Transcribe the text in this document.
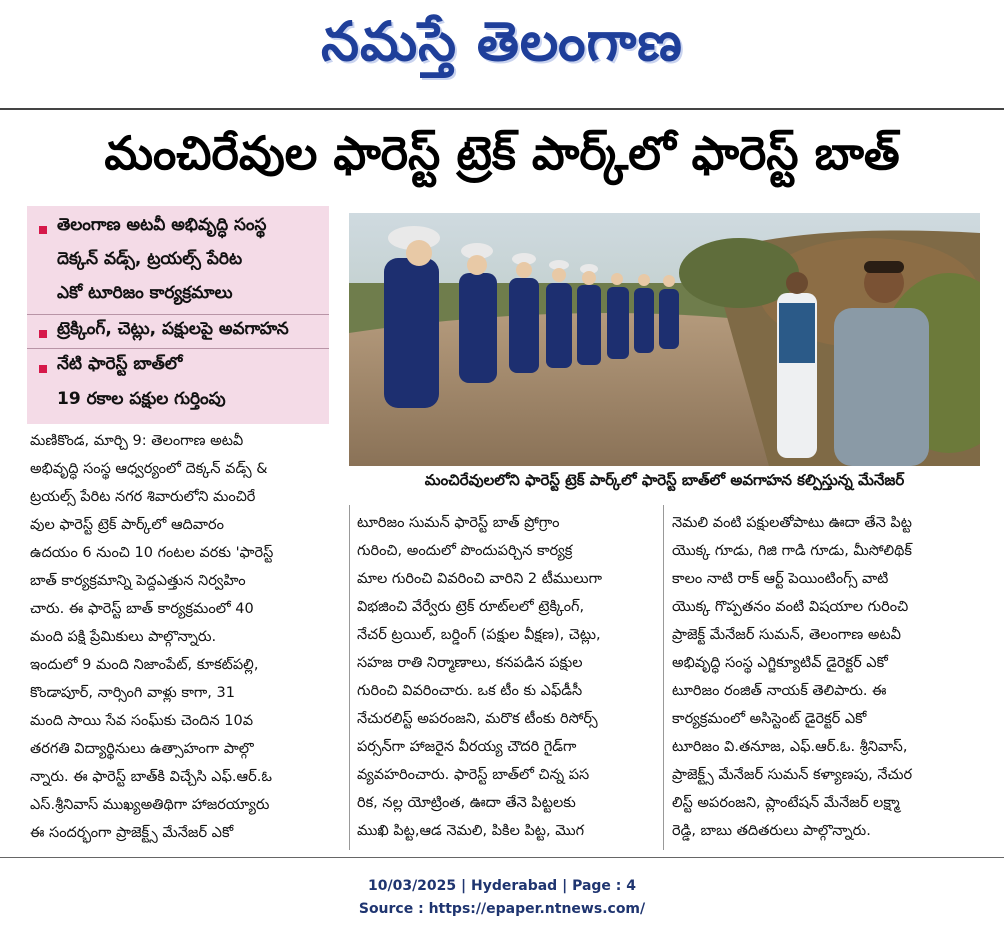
నమస్తే తెలంగాణ
మంచిరేవుల ఫారెస్ట్ ట్రెక్ పార్క్‌లో ఫారెస్ట్ బాత్
తెలంగాణ అటవీ అభివృద్ధి సంస్థ
దెక్కన్ వడ్స్, ట్రయల్స్ పేరిట
ఎకో టూరిజం కార్యక్రమాలు
ట్రెక్కింగ్, చెట్లు, పక్షులపై అవగాహన
నేటి ఫారెస్ట్ బాత్‌లో
19 రకాల పక్షుల గుర్తింపు
మంచిరేవులలోని ఫారెస్ట్ ట్రెక్ పార్క్‌లో ఫారెస్ట్ బాత్‌లో అవగాహన కల్పిస్తున్న మేనేజర్
మణికొండ, మార్చి 9: తెలంగాణ అటవీ
అభివృద్ధి సంస్థ ఆధ్వర్యంలో దెక్కన్ వడ్స్ &
ట్రయల్స్ పేరిట నగర శివారులోని మంచిరే
వుల ఫారెస్ట్ ట్రెక్ పార్క్‌లో ఆదివారం
ఉదయం 6 నుంచి 10 గంటల వరకు 'ఫారెస్ట్
బాత్ కార్యక్రమాన్ని పెద్దఎత్తున నిర్వహిం
చారు. ఈ ఫారెస్ట్ బాత్ కార్యక్రమంలో 40
మంది పక్షి ప్రేమికులు పాల్గొన్నారు.
ఇందులో 9 మంది నిజాంపేట్, కూకట్‌పల్లి,
కొండాపూర్, నార్సింగి వాళ్లు కాగా, 31
మంది సాయి సేవ సంఘ్‌కు చెందిన 10వ
తరగతి విద్యార్థినులు ఉత్సాహంగా పాల్గొ
న్నారు. ఈ ఫారెస్ట్ బాత్‌కి విచ్చేసి ఎఫ్.ఆర్.ఓ
ఎస్.శ్రీనివాస్ ముఖ్యఅతిథిగా హాజరయ్యారు
ఈ సందర్భంగా ప్రాజెక్ట్స్ మేనేజర్ ఎకో
టూరిజం సుమన్ ఫారెస్ట్ బాత్ ప్రోగ్రాం
గురించి, అందులో పొందుపర్చిన కార్యక్ర
మాల గురించి వివరించి వారిని 2 టీములుగా
విభజించి వేర్వేరు ట్రెక్ రూట్‌లలో ట్రెక్కింగ్,
నేచర్ ట్రయిల్, బర్డింగ్ (పక్షుల వీక్షణ), చెట్లు,
సహజ రాతి నిర్మాణాలు, కనపడిన పక్షుల
గురించి వివరించారు. ఒక టీం కు ఎఫ్‌డీసీ
నేచురలిస్ట్ అపరంజని, మరొక టీంకు రిసోర్స్
పర్సన్‌గా హాజరైన వీరయ్య చౌదరి గైడ్‌గా
వ్యవహరించారు. ఫారెస్ట్ బాత్‌లో చిన్న పస
రిక, నల్ల యోట్రింత, ఊదా తేనె పిట్టలకు
ముఖి పిట్ట,ఆడ నెమలి, పికిల పిట్ట, మొగ
నెమలి వంటి పక్షులతోపాటు ఊదా తేనె పిట్ట
యొక్క గూడు, గిజి గాడి గూడు, మీసోలిథిక్
కాలం నాటి రాక్ ఆర్ట్ పెయింటింగ్స్ వాటి
యొక్క గొప్పతనం వంటి విషయాల గురించి
ప్రాజెక్ట్ మేనేజర్ సుమన్, తెలంగాణ అటవీ
అభివృద్ధి సంస్థ ఎగ్జిక్యూటివ్ డైరెక్టర్ ఎకో
టూరిజం రంజిత్ నాయక్ తెలిపారు. ఈ
కార్యక్రమంలో అసిస్టెంట్ డైరెక్టర్ ఎకో
టూరిజం వి.తనూజ, ఎఫ్.ఆర్.ఓ. శ్రీనివాస్,
ప్రాజెక్ట్స్ మేనేజర్ సుమన్ కళ్యాణపు, నేచుర
లిస్ట్ అపరంజని, ప్లాంటేషన్ మేనేజర్ లక్ష్మా
రెడ్డి, బాబు తదితరులు పాల్గొన్నారు.
10/03/2025 | Hyderabad | Page : 4
Source : https://epaper.ntnews.com/
